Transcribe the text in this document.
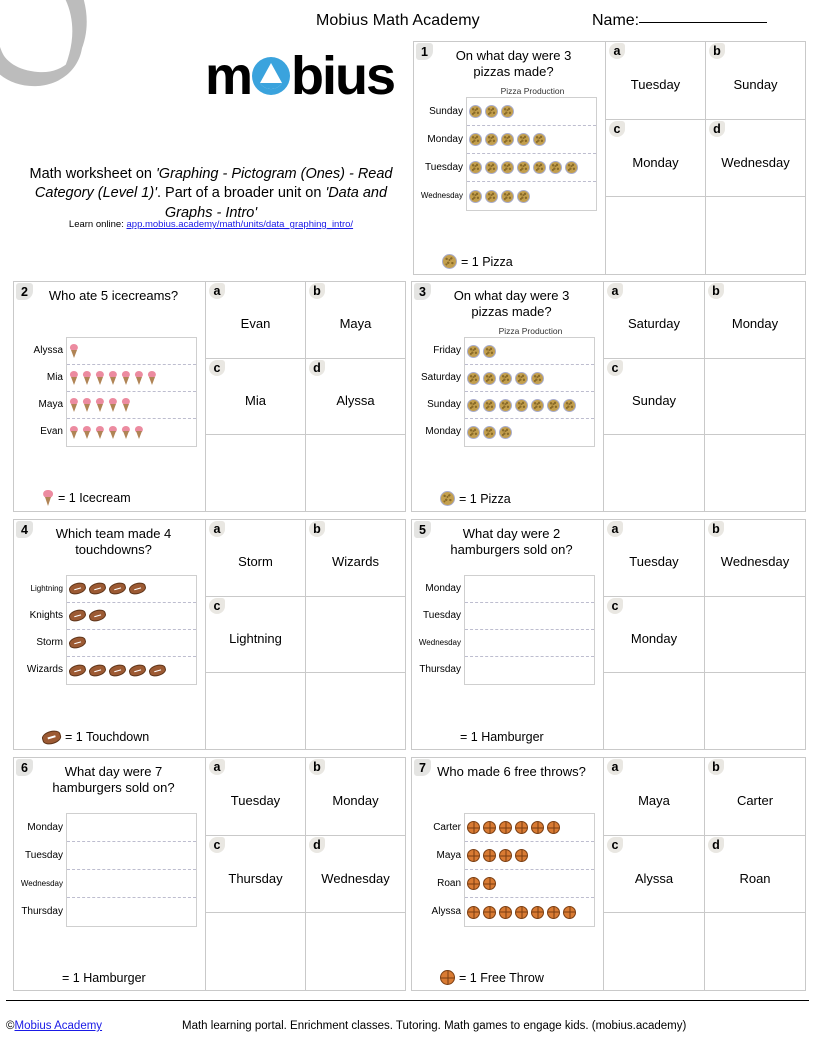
Mobius Math Academy	Name:
m bius
Math worksheet on 'Graphing - Pictogram (Ones) - Read Category (Level 1)'. Part of a broader unit on 'Data and Graphs - Intro'
Learn online: app.mobius.academy/math/units/data_graphing_intro/
1	On what day were 3 pizzas made?
Pizza Production
Sunday
Monday
Tuesday
Wednesday
= 1 Pizza
a
Tuesday
b
Sunday
c
Monday
d
Wednesday
2	Who ate 5 icecreams?

Alyssa
Mia
Maya
Evan
= 1 Icecream
a
Evan
b
Maya
c
Mia
d
Alyssa
3	On what day were 3 pizzas made?
Pizza Production
Friday
Saturday
Sunday
Monday
= 1 Pizza
a
Saturday
b
Monday
c
Sunday
4	Which team made 4 touchdowns?

Lightning
Knights
Storm
Wizards
= 1 Touchdown
a
Storm
b
Wizards
c
Lightning
5	What day were 2 hamburgers sold on?

Monday
Tuesday
Wednesday
Thursday
= 1 Hamburger
a
Tuesday
b
Wednesday
c
Monday
6	What day were 7 hamburgers sold on?

Monday
Tuesday
Wednesday
Thursday
= 1 Hamburger
a
Tuesday
b
Monday
c
Thursday
d
Wednesday
7 Who made 6 free throws?

Carter
Maya
Roan
Alyssa
= 1 Free Throw
a
Maya
b
Carter
c
Alyssa
d
Roan
©Mobius Academy	Math learning portal. Enrichment classes. Tutoring. Math games to engage kids. (mobius.academy)
